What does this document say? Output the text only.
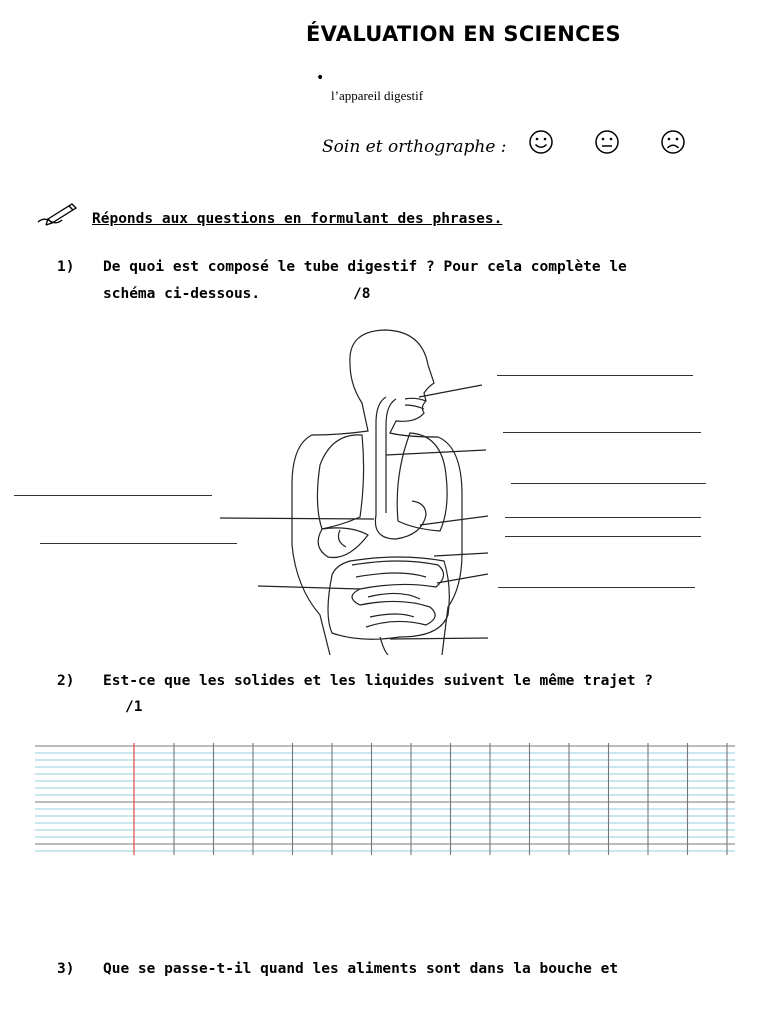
ÉVALUATION EN SCIENCES
•
l’appareil digestif
Soin et orthographe :
Réponds aux questions en formulant des phrases.
1) De quoi est composé le tube digestif ? Pour cela complète le
schéma ci-dessous.	/8
2) Est-ce que les solides et les liquides suivent le même trajet ?
/1
3) Que se passe-t-il quand les aliments sont dans la bouche et
